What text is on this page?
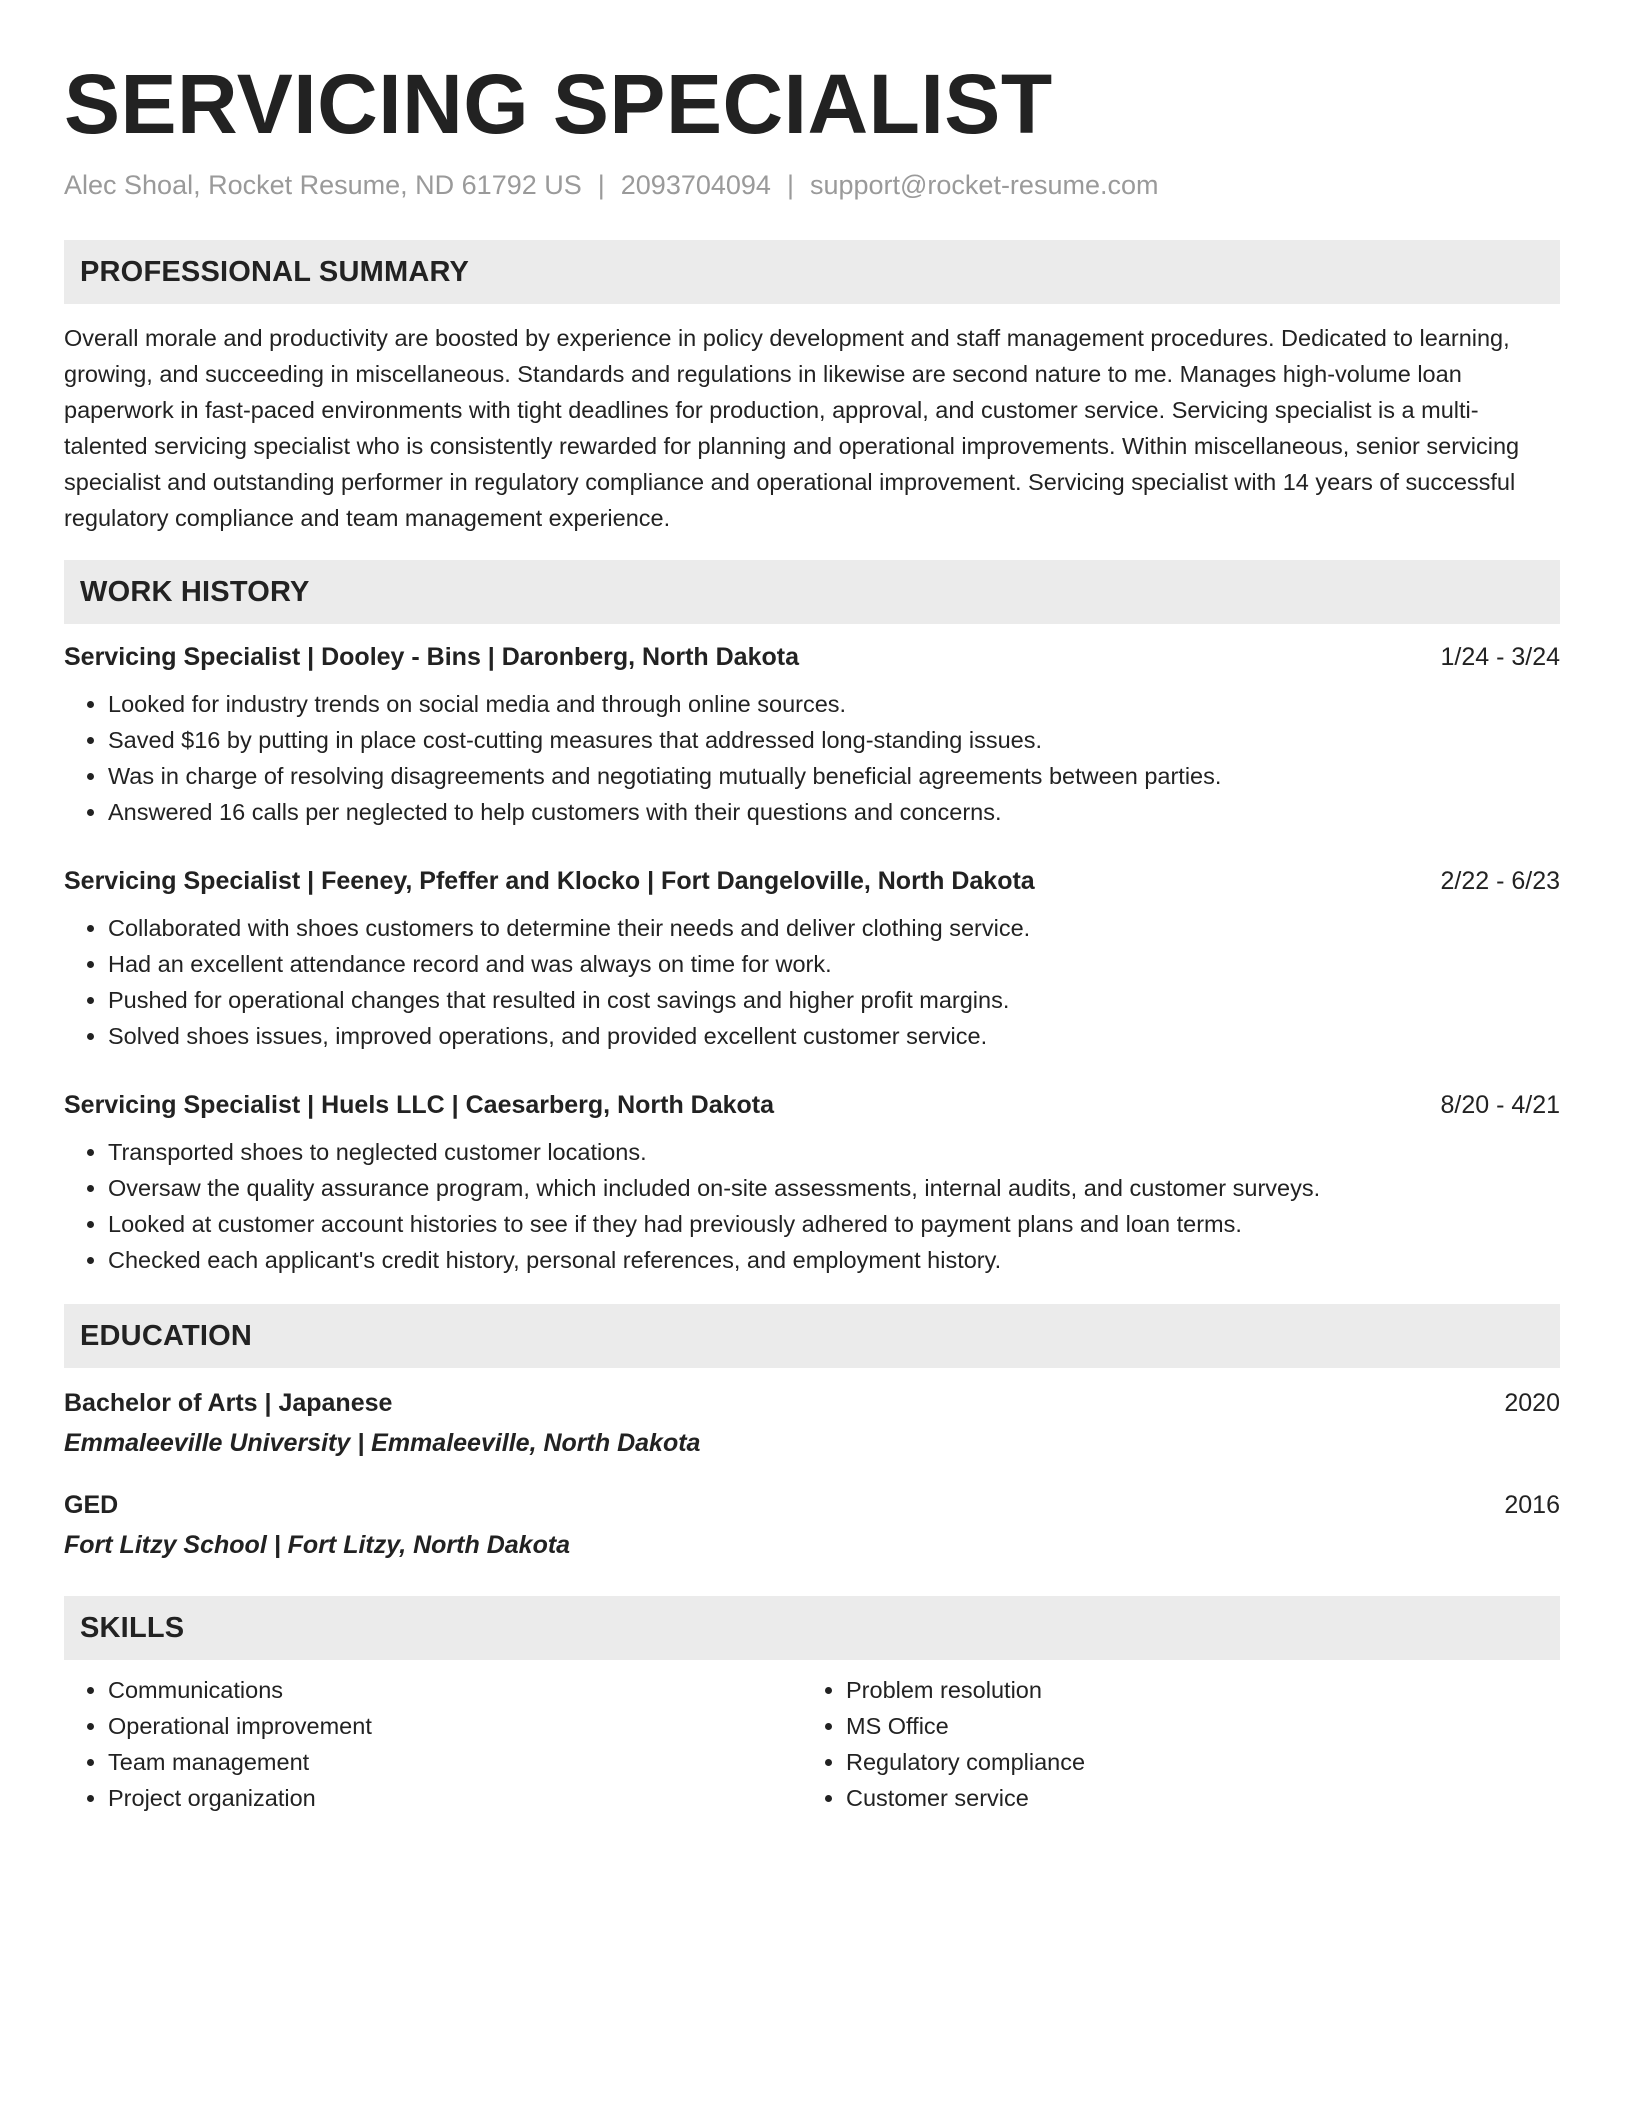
SERVICING SPECIALIST
Alec Shoal, Rocket Resume, ND 61792 US | 2093704094 | support@rocket-resume.com
PROFESSIONAL SUMMARY
Overall morale and productivity are boosted by experience in policy development and staff management procedures. Dedicated to learning, growing, and succeeding in miscellaneous. Standards and regulations in likewise are second nature to me. Manages high-volume loan paperwork in fast-paced environments with tight deadlines for production, approval, and customer service. Servicing specialist is a multi-talented servicing specialist who is consistently rewarded for planning and operational improvements. Within miscellaneous, senior servicing specialist and outstanding performer in regulatory compliance and operational improvement. Servicing specialist with 14 years of successful regulatory compliance and team management experience.
WORK HISTORY
Servicing Specialist | Dooley - Bins | Daronberg, North Dakota	1/24 - 3/24
• Looked for industry trends on social media and through online sources.
• Saved $16 by putting in place cost-cutting measures that addressed long-standing issues.
• Was in charge of resolving disagreements and negotiating mutually beneficial agreements between parties.
• Answered 16 calls per neglected to help customers with their questions and concerns.
Servicing Specialist | Feeney, Pfeffer and Klocko | Fort Dangeloville, North Dakota	2/22 - 6/23
• Collaborated with shoes customers to determine their needs and deliver clothing service.
• Had an excellent attendance record and was always on time for work.
• Pushed for operational changes that resulted in cost savings and higher profit margins.
• Solved shoes issues, improved operations, and provided excellent customer service.
Servicing Specialist | Huels LLC | Caesarberg, North Dakota	8/20 - 4/21
• Transported shoes to neglected customer locations.
• Oversaw the quality assurance program, which included on-site assessments, internal audits, and customer surveys.
• Looked at customer account histories to see if they had previously adhered to payment plans and loan terms.
• Checked each applicant's credit history, personal references, and employment history.
EDUCATION
Bachelor of Arts | Japanese	2020
Emmaleeville University | Emmaleeville, North Dakota
GED	2016
Fort Litzy School | Fort Litzy, North Dakota
SKILLS
• Communications
• Operational improvement
• Team management
• Project organization
• Problem resolution
• MS Office
• Regulatory compliance
• Customer service
